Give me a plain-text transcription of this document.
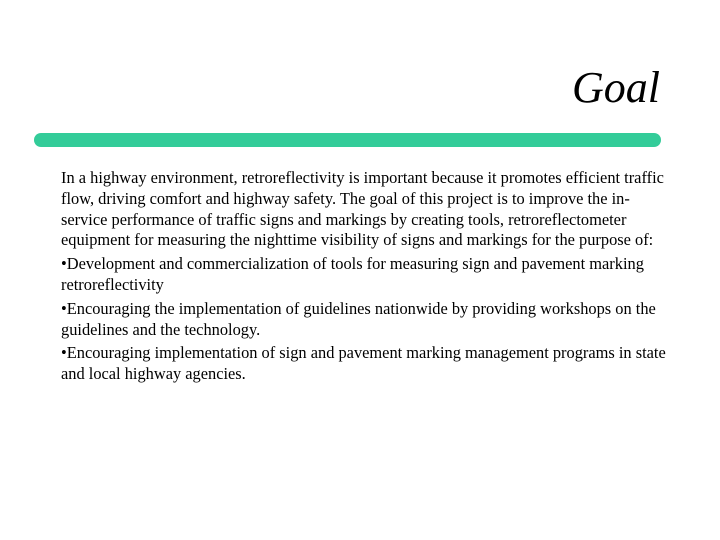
Goal

In a highway environment, retroreflectivity is important because it promotes efficient traffic flow, driving comfort and highway safety. The goal of this project is to improve the in-service performance of traffic signs and markings by creating tools, retroreflectometer equipment for measuring the nighttime visibility of signs and markings for the purpose of:

•Development and commercialization of tools for measuring sign and pavement marking retroreflectivity

•Encouraging the implementation of guidelines nationwide by providing workshops on the guidelines and the technology.

•Encouraging implementation of sign and pavement marking management programs in state and local highway agencies.
